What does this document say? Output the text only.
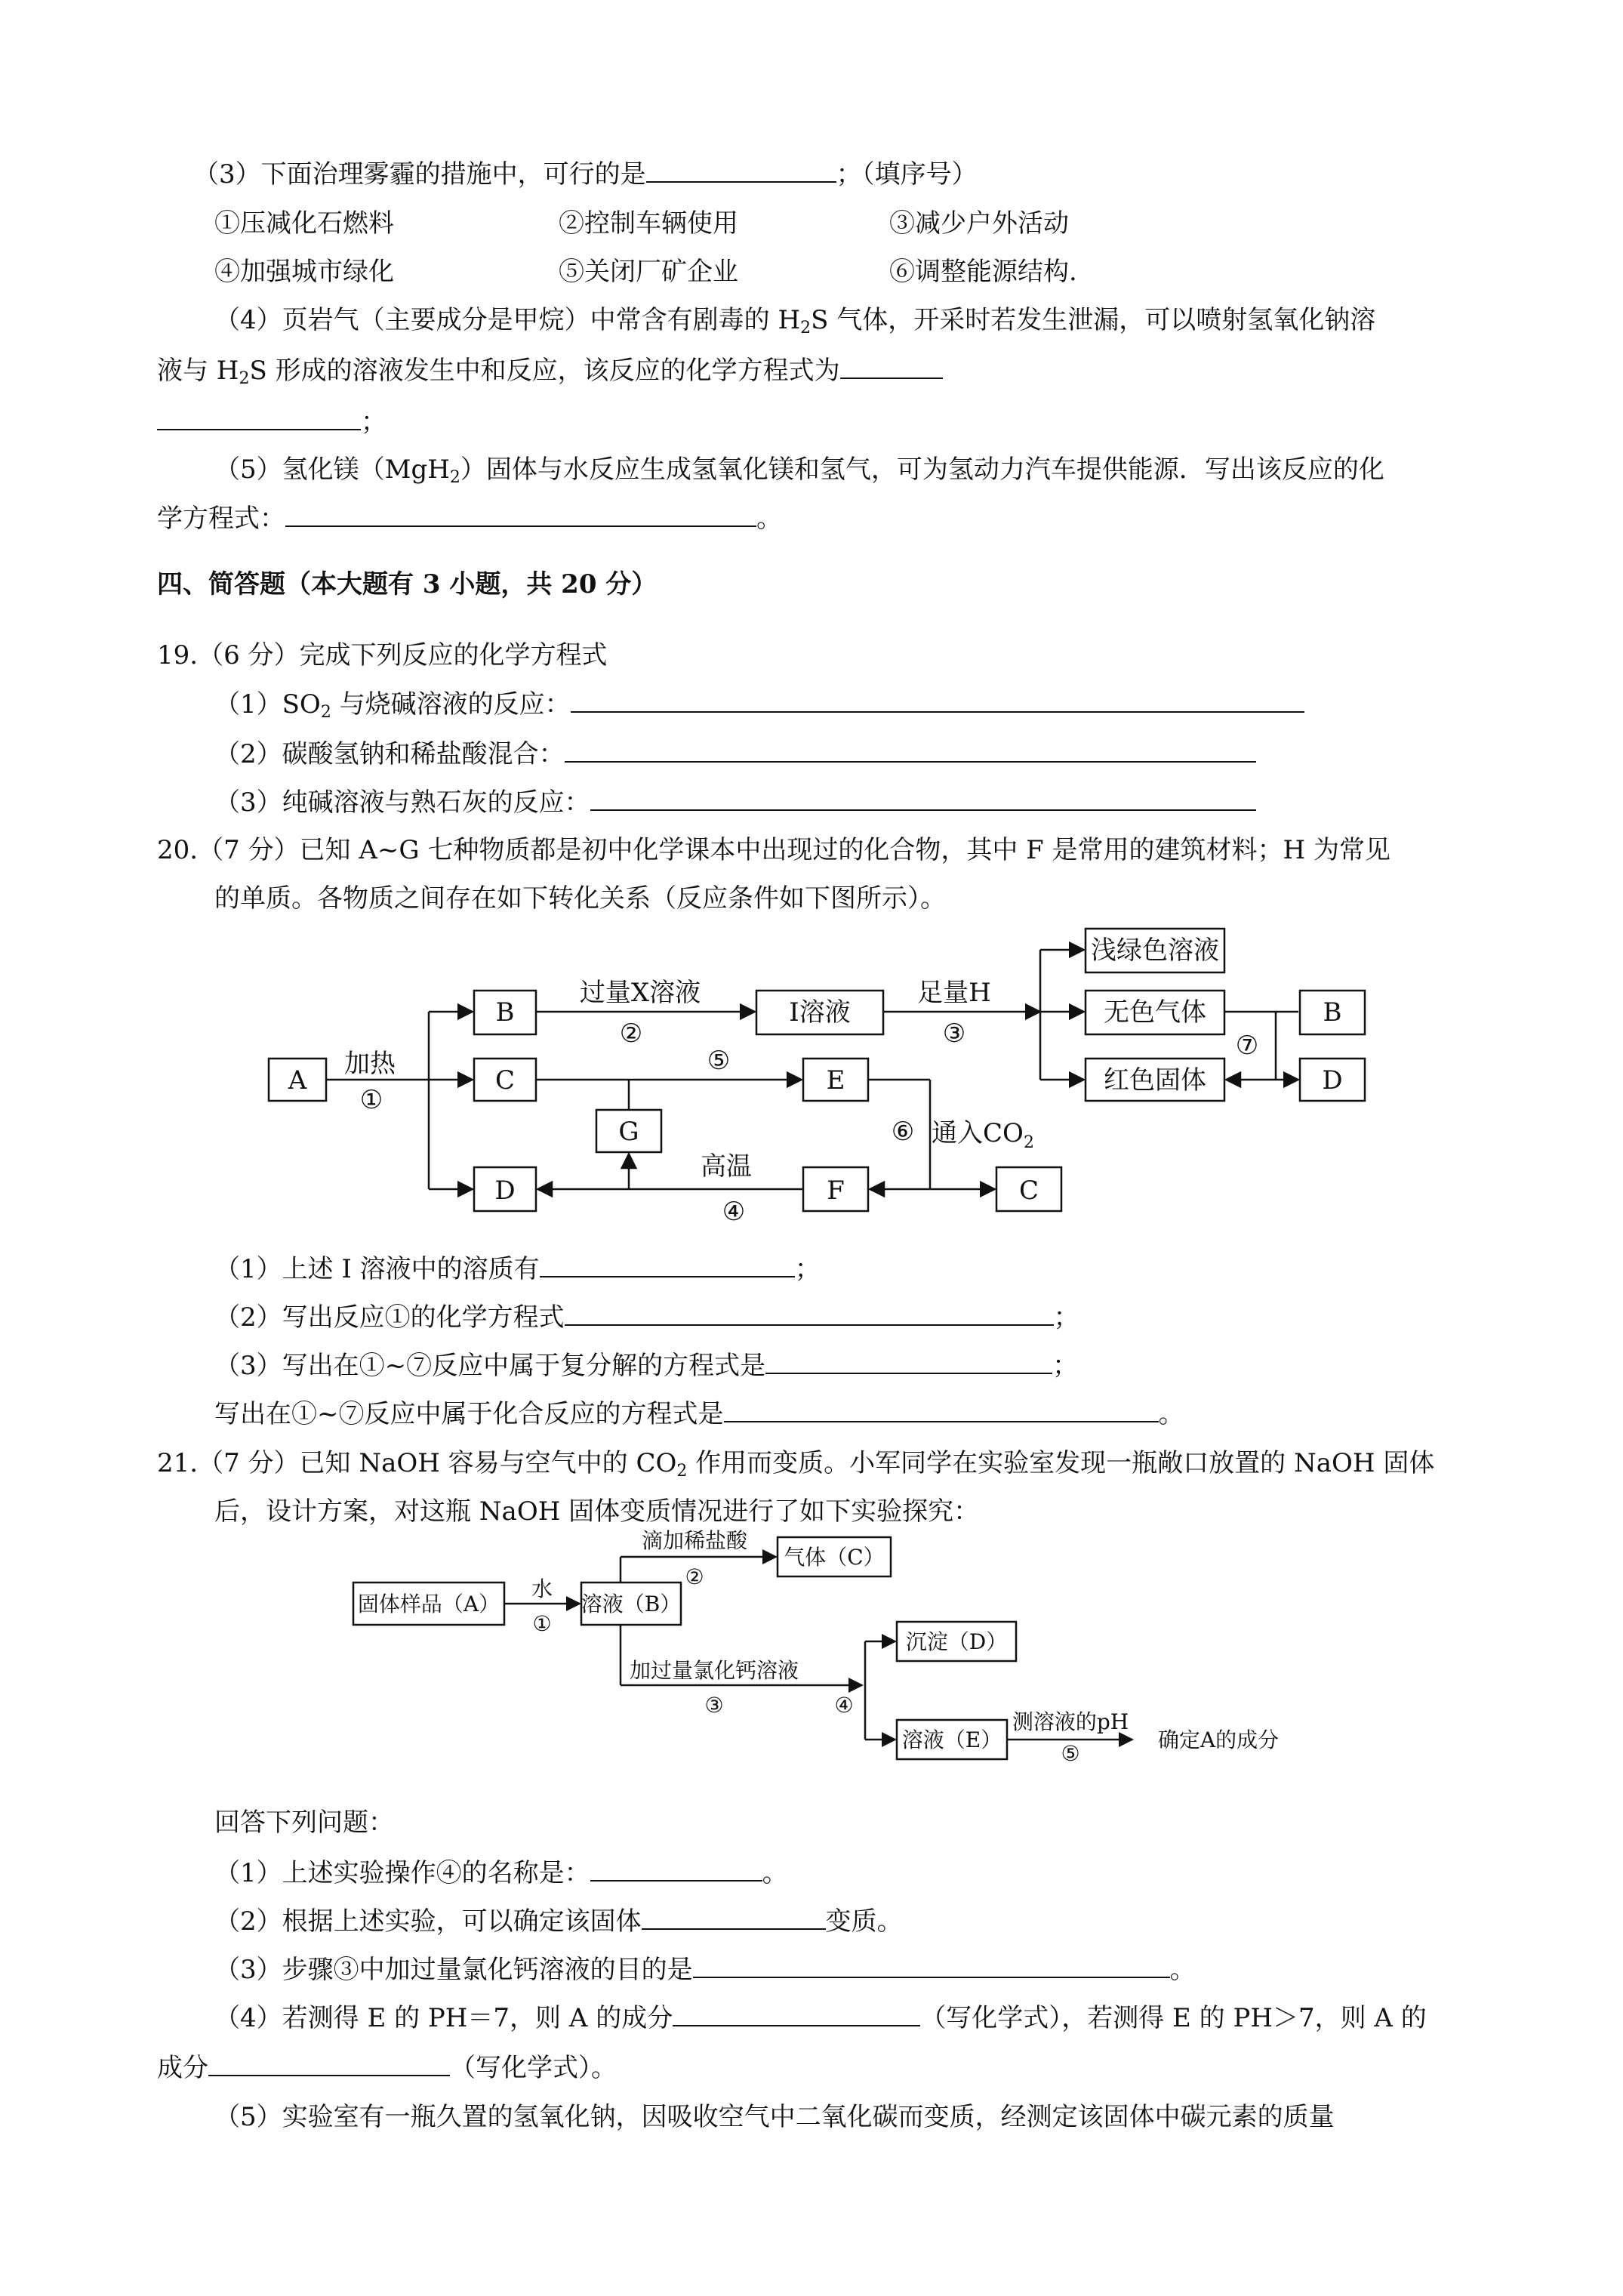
（3）下面治理雾霾的措施中，可行的是	；（填序号）
①压减化石燃料	②控制车辆使用	③减少户外活动
④加强城市绿化	⑤关闭厂矿企业	⑥调整能源结构.
（4）页岩气（主要成分是甲烷）中常含有剧毒的 $H_2S$ 气体，开采时若发生泄漏，可以喷射氢氧化钠溶
液与 $H_2S$ 形成的溶液发生中和反应，该反应的化学方程式为
；
（5）氢化镁（MgH$_2$）固体与水反应生成氢氧化镁和氢气，可为氢动力汽车提供能源．写出该反应的化
学方程式：	。
四、简答题（本大题有 3 小题，共 20 分）
19.（6 分）完成下列反应的化学方程式
$(1)SO_2$ 与烧碱溶液的反应：
（2）碳酸氢钠和稀盐酸混合：
（3）纯碱溶液与熟石灰的反应：
20.（7 分）已知 A~G 七种物质都是初中化学课本中出现过的化合物，其中 F 是常用的建筑材料；H 为常见
的单质。各物质之间存在如下转化关系（反应条件如下图所示）。
A
B
C
D
G
I溶液
E
F	C
浅绿色溶液
无色气体
红色固体
B
D
加热
①
过量X溶液
②
足量H
③
⑤
⑥ 通入$CO_2$
高温
④
⑦
（1）上述 I 溶液中的溶质有	；
（2）写出反应①的化学方程式	；
（3）写出在①~⑦反应中属于复分解的方程式是	；
写出在①~⑦反应中属于化合反应的方程式是	。
21.（7 分）已知 NaOH 容易与空气中的 $CO_2$ 作用而变质。小军同学在实验室发现一瓶敞口放置的 NaOH 固体
后，设计方案，对这瓶 NaOH 固体变质情况进行了如下实验探究：
固体样品（A）
水
①
溶液（B）
滴加稀盐酸
②
气体（C）
加过量氯化钙溶液
③	④
沉淀（D）
溶液（E）
测溶液的pH
⑤
确定A的成分
回答下列问题：
（1）上述实验操作④的名称是：	。
（2）根据上述实验，可以确定该固体	变质。
（3）步骤③中加过量氯化钙溶液的目的是	。
（4）若测得 E 的 PH＝7，则 A 的成分	（写化学式），若测得 E 的 PH＞7，则 A 的
成分	（写化学式）。
（5）实验室有一瓶久置的氢氧化钠，因吸收空气中二氧化碳而变质，经测定该固体中碳元素的质量
